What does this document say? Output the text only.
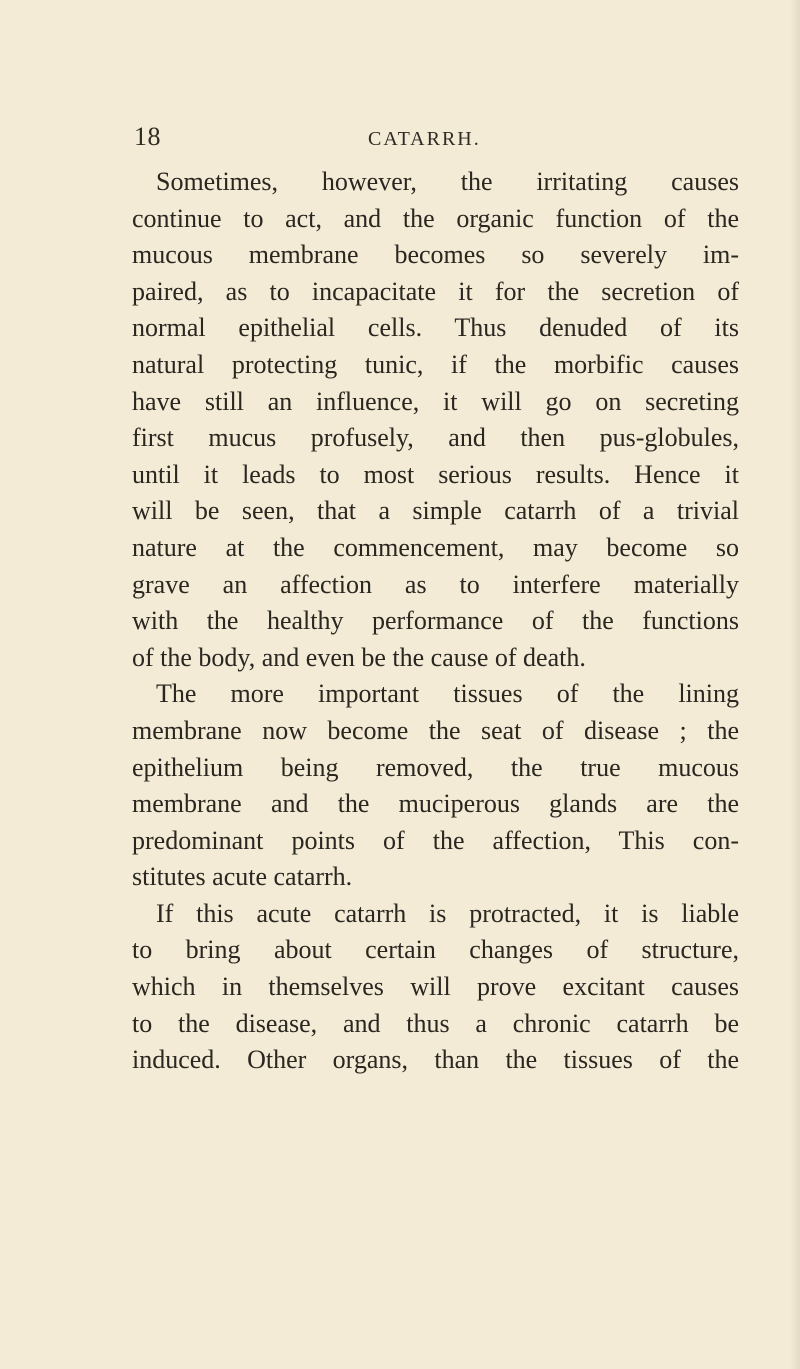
18	CATARRH.
Sometimes, however, the irritating causes
continue to act, and the organic function of the
mucous membrane becomes so severely im-
paired, as to incapacitate it for the secretion of
normal epithelial cells. Thus denuded of its
natural protecting tunic, if the morbific causes
have still an influence, it will go on secreting
first mucus profusely, and then pus-globules,
until it leads to most serious results. Hence it
will be seen, that a simple catarrh of a trivial
nature at the commencement, may become so
grave an affection as to interfere materially
with the healthy performance of the functions
of the body, and even be the cause of death.
The more important tissues of the lining
membrane now become the seat of disease ; the
epithelium being removed, the true mucous
membrane and the muciperous glands are the
predominant points of the affection, This con-
stitutes acute catarrh.
If this acute catarrh is protracted, it is liable
to bring about certain changes of structure,
which in themselves will prove excitant causes
to the disease, and thus a chronic catarrh be
induced. Other organs, than the tissues of the
